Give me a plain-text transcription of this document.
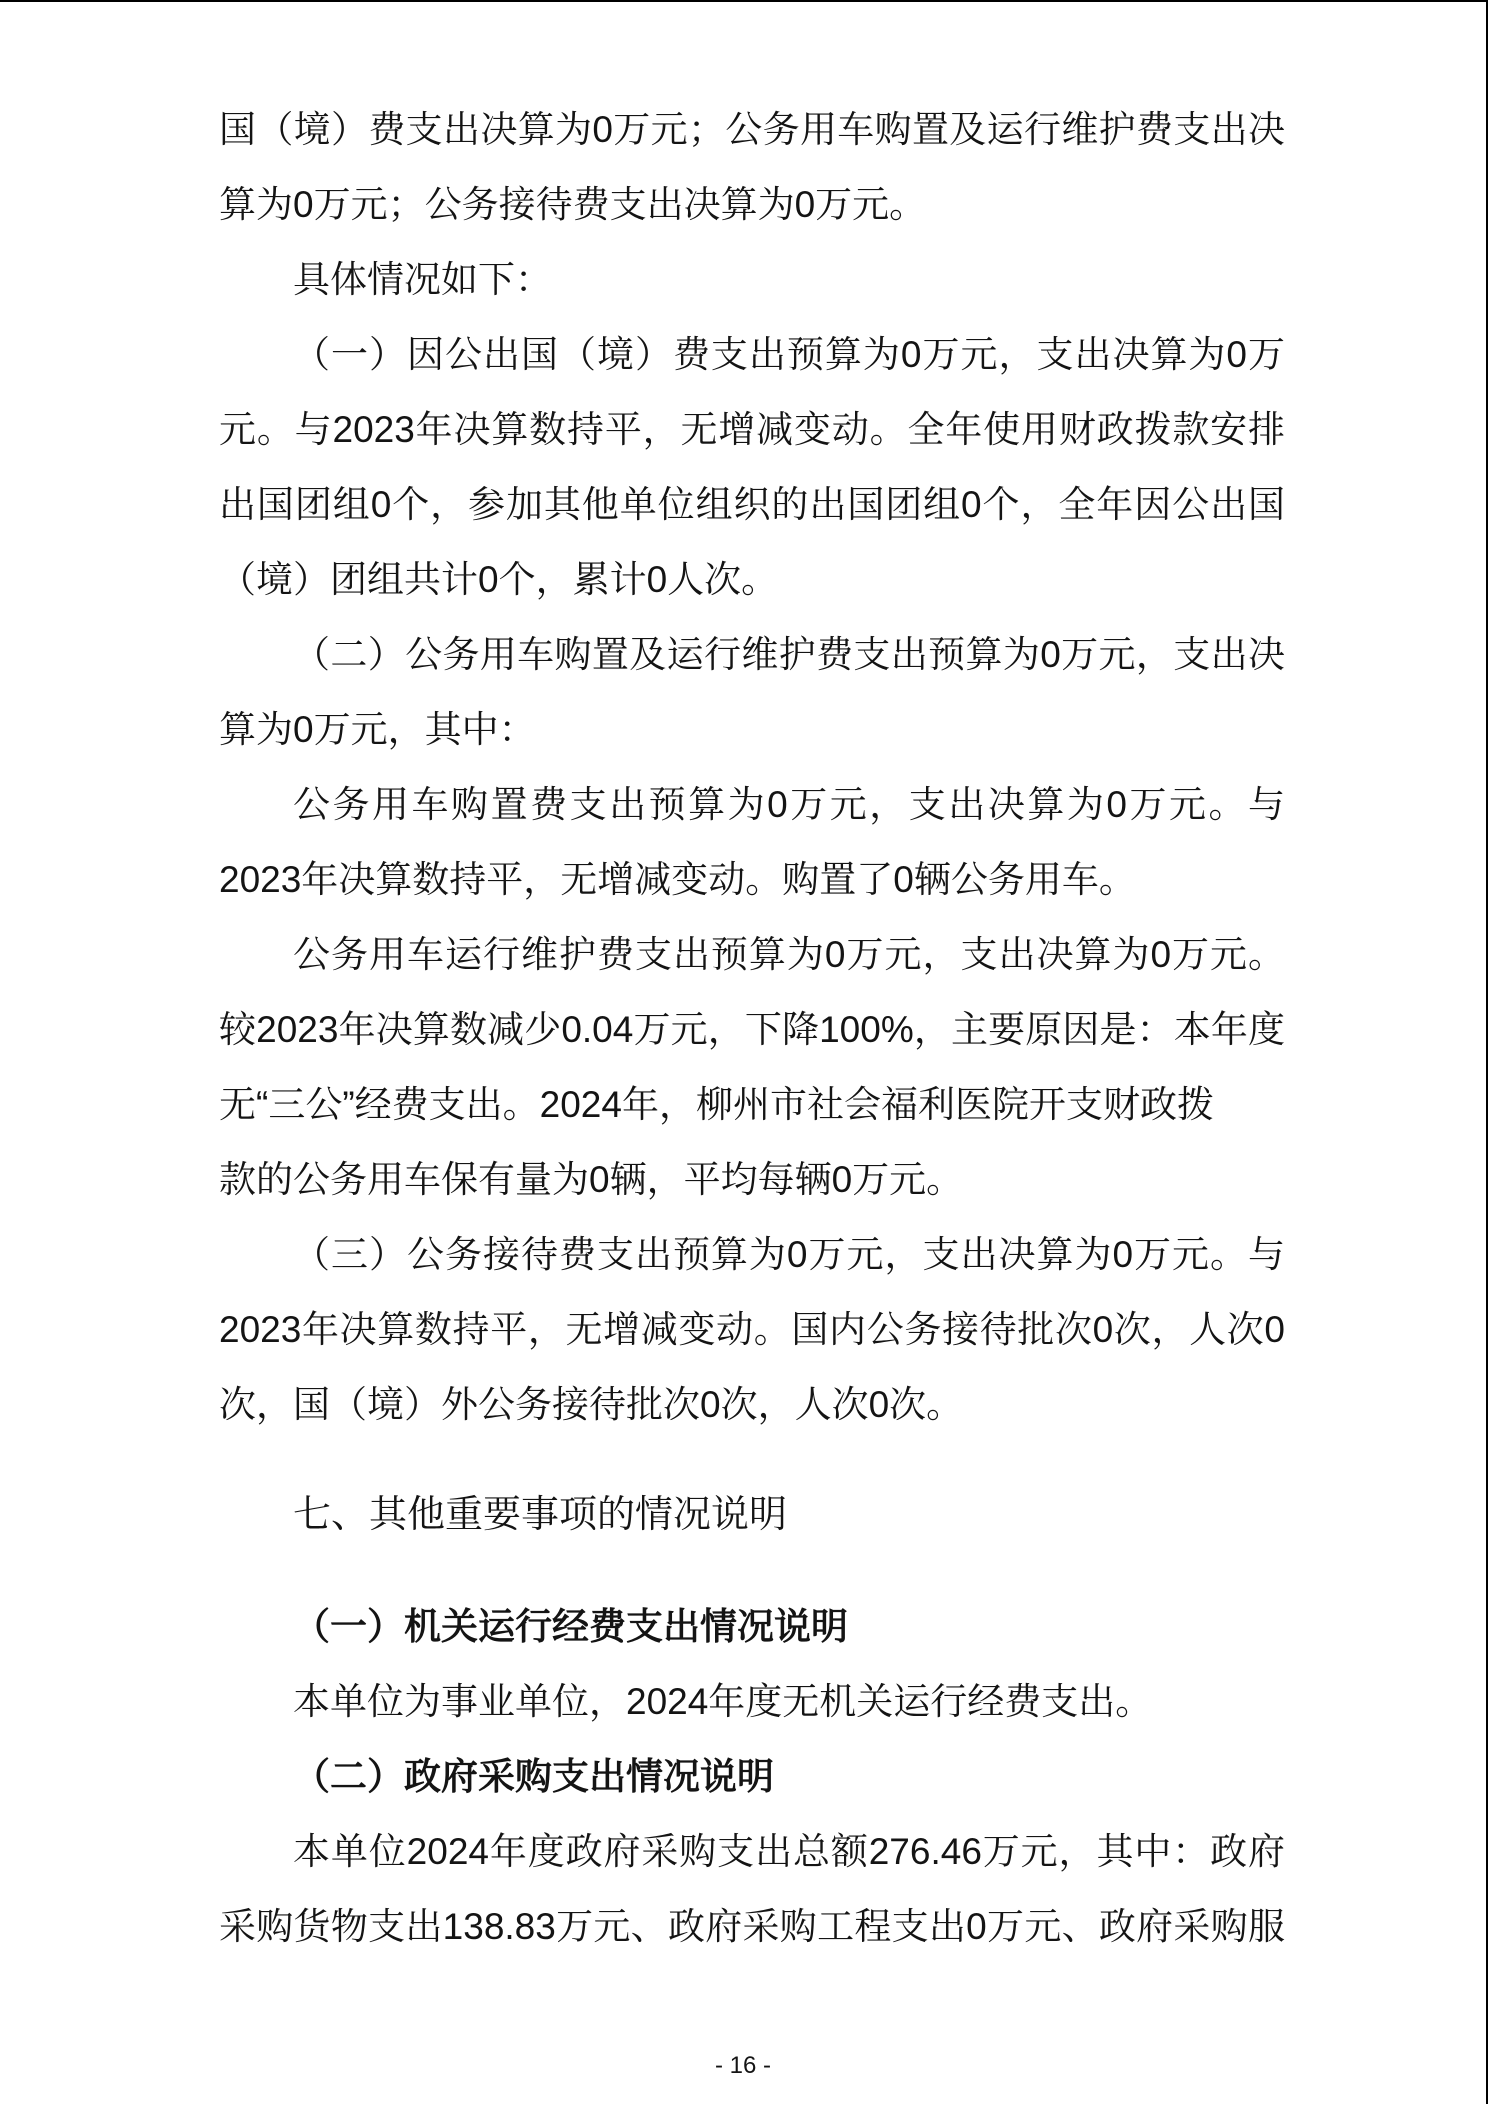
国（境）费支出决算为0万元；公务用车购置及运行维护费支出决
算为0万元；公务接待费支出决算为0万元。
具体情况如下：
（一）因公出国（境）费支出预算为0万元，支出决算为0万
元。与2023年决算数持平，无增减变动。全年使用财政拨款安排
出国团组0个，参加其他单位组织的出国团组0个，全年因公出国
（境）团组共计0个，累计0人次。
（二）公务用车购置及运行维护费支出预算为0万元，支出决
算为0万元，其中：
公务用车购置费支出预算为0万元，支出决算为0万元。与
2023年决算数持平，无增减变动。购置了0辆公务用车。
公务用车运行维护费支出预算为0万元，支出决算为0万元。
较2023年决算数减少0.04万元，下降100%，主要原因是：本年度
无“三公”经费支出。2024年，柳州市社会福利医院开支财政拨
款的公务用车保有量为0辆，平均每辆0万元。
（三）公务接待费支出预算为0万元，支出决算为0万元。与
2023年决算数持平，无增减变动。国内公务接待批次0次，人次0
次，国（境）外公务接待批次0次，人次0次。
七、其他重要事项的情况说明
（一）机关运行经费支出情况说明
本单位为事业单位，2024年度无机关运行经费支出。
（二）政府采购支出情况说明
本单位2024年度政府采购支出总额276.46万元，其中：政府
采购货物支出138.83万元、政府采购工程支出0万元、政府采购服
- 16 -
